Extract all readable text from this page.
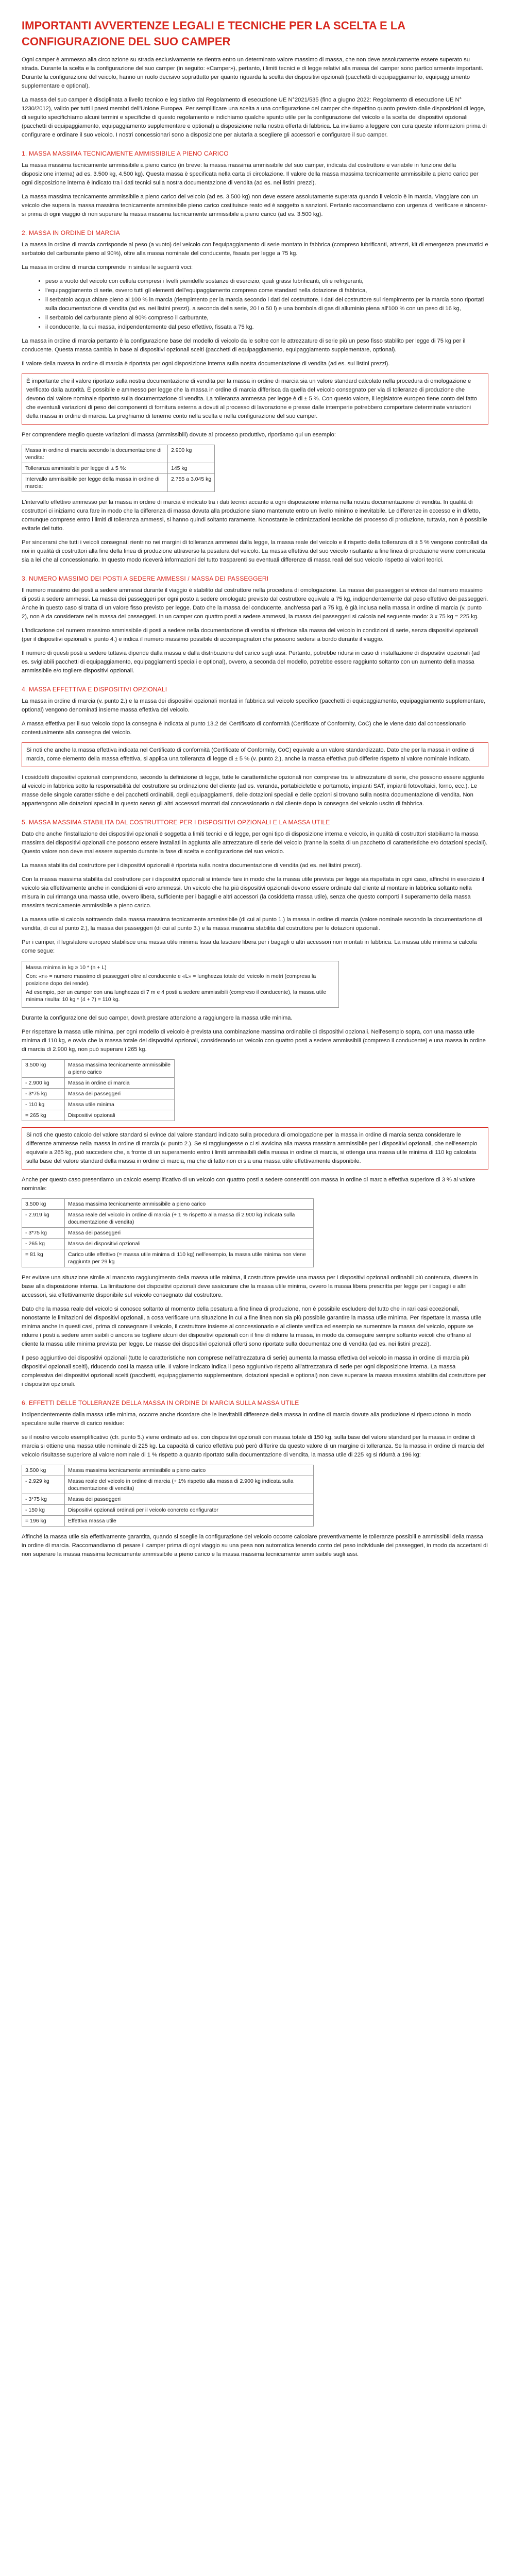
IMPORTANTI AVVERTENZE LEGALI E TECNICHE PER LA SCELTA E LA CONFIGURAZIONE DEL SUO CAMPER

Ogni camper è ammesso alla circolazione su strada esclusivamente se rientra entro un determinato valore massimo di massa, che non deve assolutamente essere superato su strada. Durante la scelta e la configurazione del suo camper (in seguito: «Camper»), pertanto, i limiti tecnici e di legge relativi alla massa del camper sono particolarmente importanti. Durante la configurazione del veicolo, hanno un ruolo decisivo soprattutto per quanto riguarda la scelta dei dispositivi opzionali (pacchetti di equipaggiamento, equipaggiamento supplementare e optional).

La massa del suo camper è disciplinata a livello tecnico e legislativo dal Regolamento di esecuzione UE N°2021/535 (fino a giugno 2022: Regolamento di esecuzione UE N° 1230/2012), valido per tutti i paesi membri dell'Unione Europea. Per semplificare una scelta a una configurazione del camper che rispettino quanto previsto dalle disposizioni di legge, di seguito specifichiamo alcuni termini e specifiche di questo regolamento e indichiamo qualche spunto utile per la configurazione del veicolo e la scelta dei dispositivi opzionali (pacchetti di equipaggiamento, equipaggiamento supplementare e optional) a disposizione nella nostra offerta di fabbrica. La invitiamo a leggere con cura queste informazioni prima di configurare e ordinare il suo veicolo. I nostri concessionari sono a disposizione per aiutarla a scegliere gli accessori e configurare il suo camper.

1. MASSA MASSIMA TECNICAMENTE AMMISSIBILE A PIENO CARICO

La massa massima tecnicamente ammissibile a pieno carico (in breve: la massa massima ammissibile del suo camper, indicata dal costruttore e variabile in funzione della disposizione interna) ad es. 3.500 kg, 4.500 kg). Questa massa è specificata nella carta di circolazione. Il valore della massa massima tecnicamente ammissibile a pieno carico per ogni disposizione interna è indicato tra i dati tecnici sulla nostra documentazione di vendita (ad es. nei listini prezzi).

La massa massima tecnicamente ammissibile a pieno carico del veicolo (ad es. 3.500 kg) non deve essere assolutamente superata quando il veicolo è in marcia. Viaggiare con un veicolo che supera la massa massima tecnicamente ammissibile pieno carico costituisce reato ed è soggetto a sanzioni. Pertanto raccomandiamo con urgenza di verificare e sincerar-si prima di ogni viaggio di non superare la massa massima tecnicamente ammissibile a pieno carico (ad es. 3.500 kg).

2. MASSA IN ORDINE DI MARCIA

La massa in ordine di marcia corrisponde al peso (a vuoto) del veicolo con l'equipaggiamento di serie montato in fabbrica (compreso lubrificanti, attrezzi, kit di emergenza pneumatici e serbatoio del carburante pieno al 90%), oltre alla massa nominale del conducente, fissata per legge a 75 kg.

La massa in ordine di marcia comprende in sintesi le seguenti voci:

• peso a vuoto del veicolo con cellula compresi i livelli pienidelle sostanze di esercizio, quali grassi lubrificanti, oli e refrigeranti,
• l'equipaggiamento di serie, ovvero tutti gli elementi dell'equipaggiamento compreso come standard nella dotazione di fabbrica,
• il serbatoio acqua chiare pieno al 100 % in marcia (riempimento per la marcia secondo i dati del costruttore. I dati del costruttore sul riempimento per la marcia sono riportati sulla documentazione di vendita (ad es. nei listini prezzi). a seconda della serie, 20 l o 50 l) e una bombola di gas di alluminio piena all'100 % con un peso di 16 kg,
• il serbatoio del carburante pieno al 90% compreso il carburante,
• il conducente, la cui massa, indipendentemente dal peso effettivo, fissata a 75 kg.

La massa in ordine di marcia pertanto è la configurazione base del modello di veicolo da le soltre con le attrezzature di serie più un peso fisso stabilito per legge di 75 kg per il conducente. Questa massa cambia in base ai dispositivi opzionali scelti (pacchetti di equipaggiamento, equipaggiamento supplementare, optional).

Il valore della massa in ordine di marcia è riportata per ogni disposizione interna sulla nostra documentazione di vendita (ad es. sui listini prezzi).

È importante che il valore riportato sulla nostra documentazione di vendita per la massa in ordine di marcia sia un valore standard calcolato nella procedura di omologazione e verificato dalla autorità. È possibile e ammesso per legge che la massa in ordine di marcia differisca da quella del veicolo consegnato per via di tolleranze di produzione che devono dal valore nominale riportato sulla documentazione di vendita. La tolleranza ammessa per legge è di ± 5 %. Con questo valore, il legislatore europeo tiene conto del fatto che eventuali variazioni di peso dei componenti di fornitura esterna a dovuti al processo di lavorazione e presse dalle intemperie potrebbero comportare determinate variazioni della massa in ordine di marcia. La preghiamo di tenerne conto nella scelta e nella configurazione del suo camper.

Per comprendere meglio queste variazioni di massa (ammissibili) dovute al processo produttivo, riportiamo qui un esempio:

Massa in ordine di marcia secondo la documentazione di vendita:	2.900 kg
Tolleranza ammissibile per legge di ± 5 %:	145 kg
Intervallo ammissibile per legge della massa in ordine di marcia:	2.755 a 3.045 kg

L'intervallo effettivo ammesso per la massa in ordine di marcia è indicato tra i dati tecnici accanto a ogni disposizione interna nella nostra documentazione di vendita. In qualità di costruttori ci iniziamo cura fare in modo che la differenza di massa dovuta alla produzione siano mantenute entro un livello minimo e inevitabile. Le differenze in eccesso e in difetto, comunque comprese entro i limiti di tolleranza ammessi, si hanno quindi soltanto raramente. Nonostante le ottimizzazioni tecniche del processo di produzione, tuttavia, non è possibile evitarle del tutto.

Per sincerarsi che tutti i veicoli consegnati rientrino nei margini di tolleranza ammessi dalla legge, la massa reale del veicolo e il rispetto della tolleranza di ± 5 % vengono controllati da noi in qualità di costruttori alla fine della linea di produzione attraverso la pesatura del veicolo. La massa effettiva del suo veicolo risultante a fine linea di produzione viene comunicata sia a lei che al concessionario. In questo modo riceverà informazioni del tutto trasparenti su eventuali differenze di massa reali del suo veicolo rispetto ai valori teorici.

3. NUMERO MASSIMO DEI POSTI A SEDERE AMMESSI / MASSA DEI PASSEGGERI

Il numero massimo dei posti a sedere ammessi durante il viaggio è stabilito dal costruttore nella procedura di omologazione. La massa dei passeggeri si evince dal numero massimo di posti a sedere ammessi. La massa dei passeggeri per ogni posto a sedere omologato previsto dal costruttore equivale a 75 kg, indipendentemente dal peso effettivo dei passeggeri. Anche in questo caso si tratta di un valore fisso previsto per legge. Dato che la massa del conducente, anch'essa pari a 75 kg, è già inclusa nella massa in ordine di marcia (v. punto 2), non è da considerare nella massa dei passeggeri. In un camper con quattro posti a sedere ammessi, la massa dei passeggeri si calcola nel seguente modo: 3 x 75 kg = 225 kg.

L'indicazione del numero massimo ammissibile di posti a sedere nella documentazione di vendita si riferisce alla massa del veicolo in condizioni di serie, senza dispositivi opzionali (per il dispositivi opzionali v. punto 4.) e indica il numero massimo possibile di accompagnatori che possono sedersi a bordo durante il viaggio.

Il numero di questi posti a sedere tuttavia dipende dalla massa e dalla distribuzione del carico sugli assi. Pertanto, potrebbe ridursi in caso di installazione di dispositivi opzionali (ad es. svigliabili pacchetti di equipaggiamento, equipaggiamenti speciali e optional), ovvero, a seconda del modello, potrebbe essere raggiunto soltanto con un aumento della massa ammissibile e/o togliere dispositivi opzionali.

4. MASSA EFFETTIVA E DISPOSITIVI OPZIONALI

La massa in ordine di marcia (v. punto 2.) e la massa dei dispositivi opzionali montati in fabbrica sul veicolo specifico (pacchetti di equipaggiamento, equipaggiamento supplementare, optional) vengono denominati insieme massa effettiva del veicolo.

A massa effettiva per il suo veicolo dopo la consegna è indicata al punto 13.2 del Certificato di conformità (Certificate of Conformity, CoC) che le viene dato dal concessionario contestualmente alla consegna del veicolo.

Si noti che anche la massa effettiva indicata nel Certificato di conformità (Certificate of Conformity, CoC) equivale a un valore standardizzato. Dato che per la massa in ordine di marcia, come elemento della massa effettiva, si applica una tolleranza di legge di ± 5 % (v. punto 2.), anche la massa effettiva può differire rispetto al valore nominale indicato.

I cosiddetti dispositivi opzionali comprendono, secondo la definizione di legge, tutte le caratteristiche opzionali non comprese tra le attrezzature di serie, che possono essere aggiunte al veicolo in fabbrica sotto la responsabilità del costruttore su ordinazione del cliente (ad es. veranda, portabiciclette e portamoto, impianti SAT, impianti fotovoltaici, forno, ecc.). Le masse delle singole caratteristiche e dei pacchetti ordinabili, degli equipaggiamenti, delle dotazioni speciali e delle opzioni si trovano sulla nostra documentazione di vendita. Non appartengono alle dotazioni speciali in questo senso gli altri accessori montati dal concessionario o dal cliente dopo la consegna del veicolo uscito di fabbrica.

5. MASSA MASSIMA STABILITA DAL COSTRUTTORE PER I DISPOSITIVI OPZIONALI E LA MASSA UTILE

Dato che anche l'installazione dei dispositivi opzionali è soggetta a limiti tecnici e di legge, per ogni tipo di disposizione interna e veicolo, in qualità di costruttori stabiliamo la massa massima dei dispositivi opzionali che possono essere installati in aggiunta alle attrezzature di serie del veicolo (tranne la scelta di un pacchetto di caratteristiche e/o dotazioni speciali). Questo valore non deve mai essere superato durante la fase di scelta e configurazione del suo veicolo.

La massa stabilita dal costruttore per i dispositivi opzionali è riportata sulla nostra documentazione di vendita (ad es. nei listini prezzi).

Con la massa massima stabilita dal costruttore per i dispositivi opzionali si intende fare in modo che la massa utile prevista per legge sia rispettata in ogni caso, affinché in esercizio il veicolo sia effettivamente anche in condizioni di vero ammessi. Un veicolo che ha più dispositivi opzionali devono essere ordinate dal cliente al montare in fabbrica soltanto nella misura in cui rimanga una massa utile, ovvero libera, sufficiente per i bagagli e altri accessori (la cosiddetta massa utile), senza che questo comporti il superamento della massa massima tecnicamente ammissibile a pieno carico.

La massa utile si calcola sottraendo dalla massa massima tecnicamente ammissibile (di cui al punto 1.) la massa in ordine di marcia (valore nominale secondo la documentazione di vendita, di cui al punto 2.), la massa dei passeggeri (di cui al punto 3.) e la massa massima stabilita dal costruttore per le dotazioni opzionali.

Per i camper, il legislatore europeo stabilisce una massa utile minima fissa da lasciare libera per i bagagli o altri accessori non montati in fabbrica. La massa utile minima si calcola come segue:

Massa minima in kg ≥ 10 * (n + L)

Con: «n» = numero massimo di passeggeri oltre al conducente e «L» = lunghezza totale del veicolo in metri (compresa la posizione dopo dei rende).

Ad esempio, per un camper con una lunghezza di 7 m e 4 posti a sedere ammissibili (compreso il conducente), la massa utile minima risulta: 10 kg * (4 + 7) = 110 kg.

Durante la configurazione del suo camper, dovrà prestare attenzione a raggiungere la massa utile minima.

Per rispettare la massa utile minima, per ogni modello di veicolo è prevista una combinazione massima ordinabile di dispositivi opzionali. Nell'esempio sopra, con una massa utile minima di 110 kg, e ovvia che la massa totale dei dispositivi opzionali, considerando un veicolo con quattro posti a sedere ammissibili (compreso il conducente) e una massa in ordine di marcia di 2.900 kg, non può superare i 265 kg.

3.500 kg	Massa massima tecnicamente ammissibile a pieno carico
- 2.900 kg	Massa in ordine di marcia
- 3*75 kg	Massa dei passeggeri
- 110 kg	Massa utile minima
= 265 kg	Dispositivi opzionali

Si noti che questo calcolo del valore standard si evince dal valore standard indicato sulla procedura di omologazione per la massa in ordine di marcia senza considerare le differenze ammesse nella massa in ordine di marcia (v. punto 2.). Se si raggiungesse o ci si avvicina alla massa massima ammissibile per i dispositivi opzionali, che nell'esempio equivale a 265 kg, può succedere che, a fronte di un superamento entro i limiti ammissibili della massa in ordine di marcia, si ottenga una massa utile minima di 110 kg calcolata sulla base del valore standard della massa in ordine di marcia, ma che di fatto non ci sia una massa utile effettivamente disponibile.

Anche per questo caso presentiamo un calcolo esemplificativo di un veicolo con quattro posti a sedere consentiti con massa in ordine di marcia effettiva superiore di 3 % al valore nominale:

3.500 kg	Massa massima tecnicamente ammissibile a pieno carico
- 2.919 kg	Massa reale del veicolo in ordine di marcia (+ 1 % rispetto alla massa di 2.900 kg indicata sulla documentazione di vendita)
- 3*75 kg	Massa dei passeggeri
- 265 kg	Massa dei dispositivi opzionali
= 81 kg	Carico utile effettivo (= massa utile minima di 110 kg) nell'esempio, la massa utile minima non viene raggiunta per 29 kg

Per evitare una situazione simile al mancato raggiungimento della massa utile minima, il costruttore previde una massa per i dispositivi opzionali ordinabili più contenuta, diversa in base alla disposizione interna. La limitazione dei dispositivi opzionali deve assicurare che la massa utile minima, ovvero la massa libera prescritta per legge per i bagagli e altri accessori, sia effettivamente disponibile sul veicolo consegnato dal costruttore.

Dato che la massa reale del veicolo si conosce soltanto al momento della pesatura a fine linea di produzione, non è possibile escludere del tutto che in rari casi eccezionali, nonostante le limitazioni dei dispositivi opzionali, a cosa verificare una situazione in cui a fine linea non sia più possibile garantire la massa utile minima. Per rispettare la massa utile minima anche in questi casi, prima di consegnare il veicolo, il costruttore insieme al concessionario e al cliente verifica ed esempio se aumentare la massa del veicolo, oppure se ridurre i posti a sedere ammissibili o ancora se togliere alcuni dei dispositivi opzionali con il fine di ridurre la massa, in modo da conseguire sempre soltanto veicoli che offrano al cliente la massa utile minima prevista per legge. Le masse dei dispositivi opzionali offerti sono riportate sulla documentazione di vendita (ad es. nei listini prezzi).

Il peso aggiuntivo dei dispositivi opzionali (tutte le caratteristiche non comprese nell'attrezzatura di serie) aumenta la massa effettiva del veicolo in massa in ordine di marcia più dispositivi opzionali scelti), riducendo così la massa utile. Il valore indicato indica il peso aggiuntivo rispetto all'attrezzatura di serie per ogni disposizione interna. La massa complessiva dei dispositivi opzionali scelti (pacchetti, equipaggiamento supplementare, dotazioni speciali e optional) non deve superare la massa massima stabilita dal costruttore per i dispositivi opzionali.

6. EFFETTI DELLE TOLLERANZE DELLA MASSA IN ORDINE DI MARCIA SULLA MASSA UTILE

Indipendentemente dalla massa utile minima, occorre anche ricordare che le inevitabili differenze della massa in ordine di marcia dovute alla produzione si ripercuotono in modo speculare sulle riserve di carico residue:

se il nostro veicolo esemplificativo (cfr. punto 5.) viene ordinato ad es. con dispositivi opzionali con massa totale di 150 kg, sulla base del valore standard per la massa in ordine di marcia si ottiene una massa utile nominale di 225 kg. La capacità di carico effettiva può però differire da questo valore di un margine di tolleranza. Se la massa in ordine di marcia del veicolo risultasse superiore al valore nominale di 1 % rispetto a quanto riportato sulla documentazione di vendita, la massa utile di 225 kg si ridurrà a 196 kg:

3.500 kg	Massa massima tecnicamente ammissibile a pieno carico
- 2.929 kg	Massa reale del veicolo in ordine di marcia (+ 1% rispetto alla massa di 2.900 kg indicata sulla documentazione di vendita)
- 3*75 kg	Massa dei passeggeri
- 150 kg	Dispositivi opzionali ordinati per il veicolo concreto configurator
= 196 kg	Effettiva massa utile

Affinché la massa utile sia effettivamente garantita, quando si sceglie la configurazione del veicolo occorre calcolare preventivamente le tolleranze possibili e ammissibili della massa in ordine di marcia. Raccomandiamo di pesare il camper prima di ogni viaggio su una pesa non automatica tenendo conto del peso individuale dei passeggeri, in modo da accertarsi di non superare la massa massima tecnicamente ammissibile a pieno carico e la massa massima tecnicamente ammissibile sugli assi.
